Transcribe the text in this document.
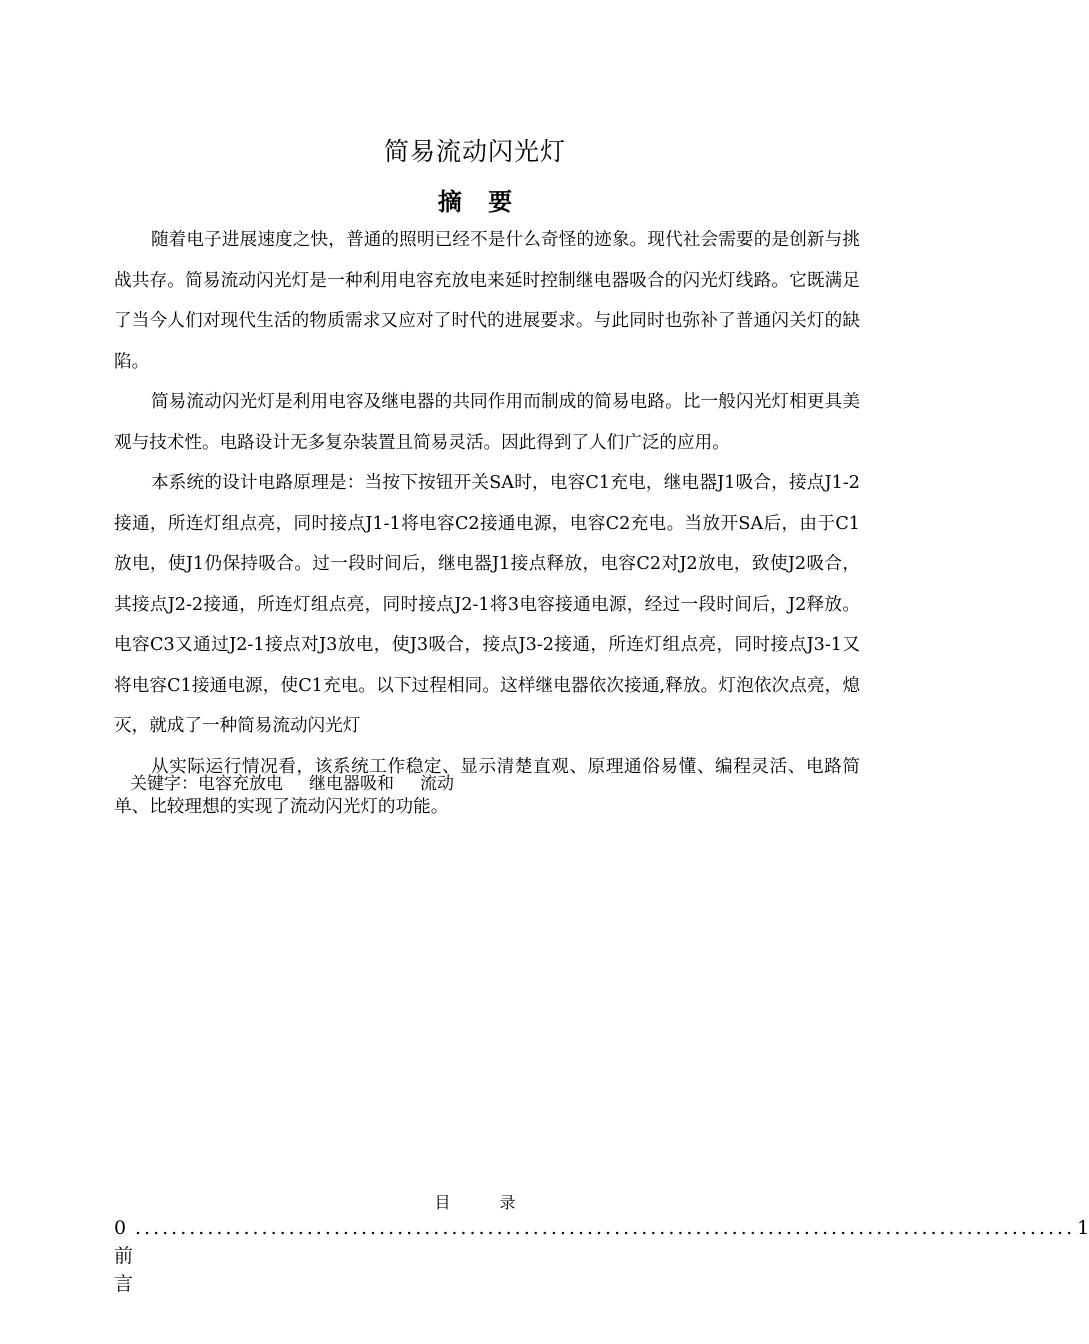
简易流动闪光灯
摘 要

随着电子进展速度之快，普通的照明已经不是什么奇怪的迹象。现代社会需要的是创新与挑战共存。简易流动闪光灯是一种利用电容充放电来延时控制继电器吸合的闪光灯线路。它既满足了当今人们对现代生活的物质需求又应对了时代的进展要求。与此同时也弥补了普通闪关灯的缺陷。

简易流动闪光灯是利用电容及继电器的共同作用而制成的简易电路。比一般闪光灯相更具美观与技术性。电路设计无多复杂装置且简易灵活。因此得到了人们广泛的应用。

本系统的设计电路原理是：当按下按钮开关SA时，电容C1充电，继电器J1吸合，接点J1-2接通，所连灯组点亮，同时接点J1-1将电容C2接通电源，电容C2充电。当放开SA后，由于C1放电，使J1仍保持吸合。过一段时间后，继电器J1接点释放，电容C2对J2放电，致使J2吸合，其接点J2-2接通，所连灯组点亮，同时接点J2-1将3电容接通电源，经过一段时间后，J2释放。电容C3又通过J2-1接点对J3放电，使J3吸合，接点J3-2接通，所连灯组点亮，同时接点J3-1又将电容C1接通电源，使C1充电。以下过程相同。这样继电器依次接通,释放。灯泡依次点亮，熄灭，就成了一种简易流动闪光灯

从实际运行情况看，该系统工作稳定、显示清楚直观、原理通俗易懂、编程灵活、电路简单、比较理想的实现了流动闪光灯的功能。

关键字：电容充放电 继电器吸和 流动
目 录
0前言
........................................................................................................ 1
